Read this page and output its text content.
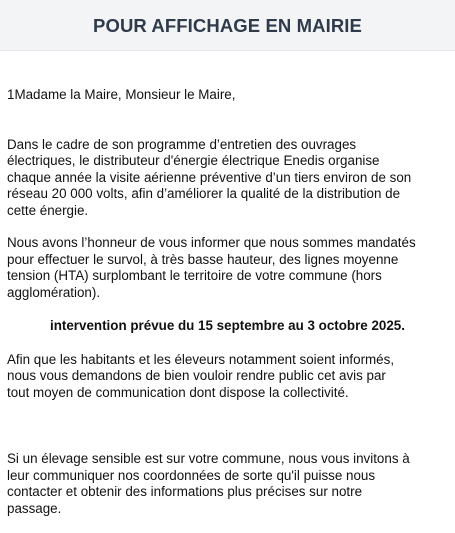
POUR AFFICHAGE EN MAIRIE

1Madame la Maire, Monsieur le Maire,

Dans le cadre de son programme d’entretien des ouvrages
électriques, le distributeur d'énergie électrique Enedis organise
chaque année la visite aérienne préventive d’un tiers environ de son
réseau 20 000 volts, afin d’améliorer la qualité de la distribution de
cette énergie.

Nous avons l’honneur de vous informer que nous sommes mandatés
pour effectuer le survol, à très basse hauteur, des lignes moyenne
tension (HTA) surplombant le territoire de votre commune (hors
agglomération).

intervention prévue du 15 septembre au 3 octobre 2025.

Afin que les habitants et les éleveurs notamment soient informés,
nous vous demandons de bien vouloir rendre public cet avis par
tout moyen de communication dont dispose la collectivité.

Si un élevage sensible est sur votre commune, nous vous invitons à
leur communiquer nos coordonnées de sorte qu'il puisse nous
contacter et obtenir des informations plus précises sur notre
passage.
